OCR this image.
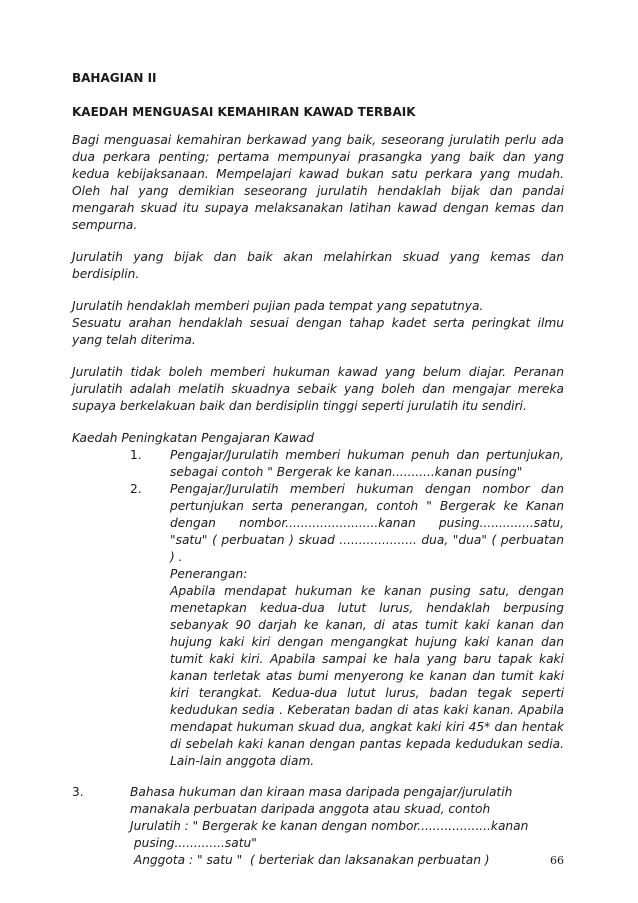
BAHAGIAN II
KAEDAH MENGUASAI KEMAHIRAN KAWAD TERBAIK

Bagi menguasai kemahiran berkawad yang baik, seseorang jurulatih perlu ada dua perkara penting; pertama mempunyai prasangka yang baik dan yang kedua kebijaksanaan. Mempelajari kawad bukan satu perkara yang mudah. Oleh hal yang demikian seseorang jurulatih hendaklah bijak dan pandai mengarah skuad itu supaya melaksanakan latihan kawad dengan kemas dan sempurna.

Jurulatih yang bijak dan baik akan melahirkan skuad yang kemas dan berdisiplin.

Jurulatih hendaklah memberi pujian pada tempat yang sepatutnya.

Sesuatu arahan hendaklah sesuai dengan tahap kadet serta peringkat ilmu yang telah diterima.

Jurulatih tidak boleh memberi hukuman kawad yang belum diajar. Peranan jurulatih adalah melatih skuadnya sebaik yang boleh dan mengajar mereka supaya berkelakuan baik dan berdisiplin tinggi seperti jurulatih itu sendiri.

Kaedah Peningkatan Pengajaran Kawad
1.	Pengajar/Jurulatih memberi hukuman penuh dan pertunjukan, sebagai contoh " Bergerak ke kanan...........kanan pusing"
2.	Pengajar/Jurulatih memberi hukuman dengan nombor dan pertunjukan serta penerangan, contoh " Bergerak ke Kanan dengan nombor........................kanan pusing..............satu, "satu" ( perbuatan ) skuad .................... dua, "dua" ( perbuatan ) .
Penerangan:
Apabila mendapat hukuman ke kanan pusing satu, dengan menetapkan kedua-dua lutut lurus, hendaklah berpusing sebanyak 90 darjah ke kanan, di atas tumit kaki kanan dan hujung kaki kiri dengan mengangkat hujung kaki kanan dan tumit kaki kiri. Apabila sampai ke hala yang baru tapak kaki kanan terletak atas bumi menyerong ke kanan dan tumit kaki kiri terangkat. Kedua-dua lutut lurus, badan tegak seperti kedudukan sedia . Keberatan badan di atas kaki kanan. Apabila mendapat hukuman skuad dua, angkat kaki kiri 45* dan hentak di sebelah kaki kanan dengan pantas kepada kedudukan sedia. Lain-lain anggota diam.
3.	Bahasa hukuman dan kiraan masa daripada pengajar/jurulatih
manakala perbuatan daripada anggota atau skuad, contoh
Jurulatih : " Bergerak ke kanan dengan nombor...................kanan
pusing.............satu"
Anggota : " satu "  ( berteriak dan laksanakan perbuatan )	66
